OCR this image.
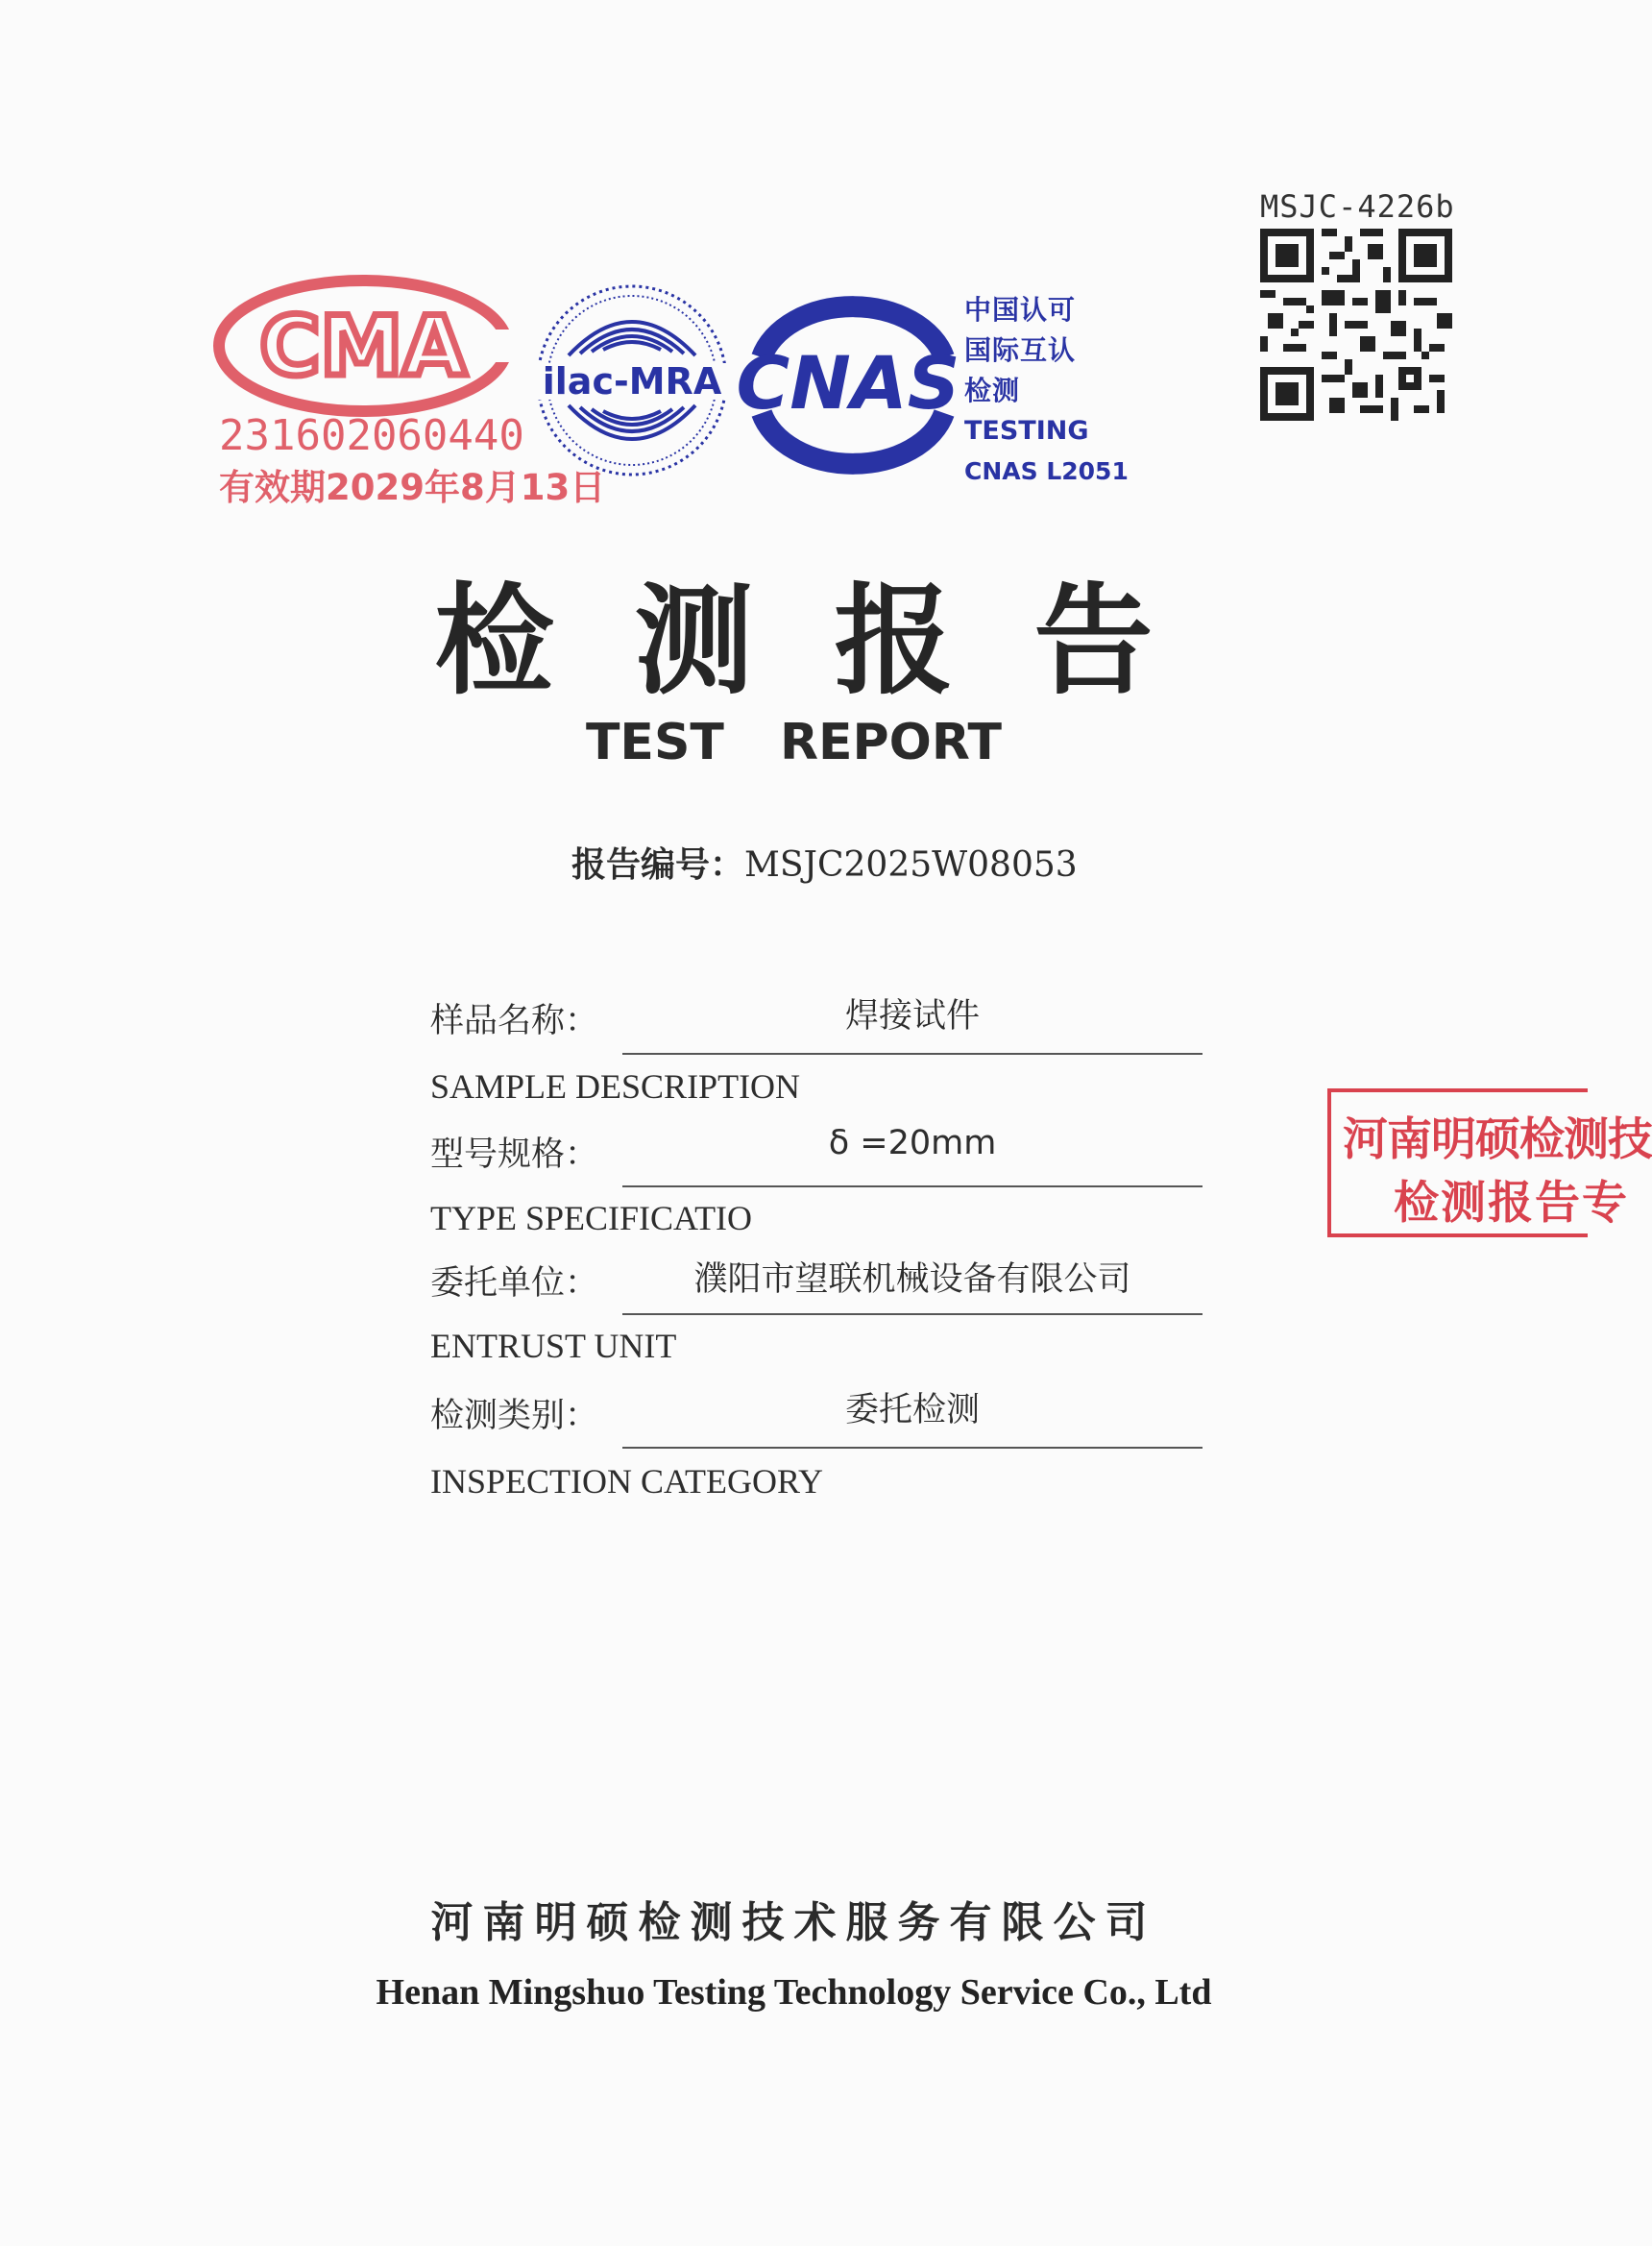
MSJC-4226b
CMA
231602060440
有效期2029年8月13日
ilac-MRA CNAS
中国认可
国际互认
检测
TESTING
CNAS L2051
检测报告
TEST REPORT
报告编号：MSJC2025W08053
样品名称：	焊接试件
SAMPLE DESCRIPTION
型号规格：	δ =20mm
TYPE SPECIFICATIO
委托单位：	濮阳市望联机械设备有限公司
ENTRUST UNIT
检测类别：	委托检测
INSPECTION CATEGORY
河南明硕检测技
检测报告专
河南明硕检测技术服务有限公司
Henan Mingshuo Testing Technology Service Co., Ltd
